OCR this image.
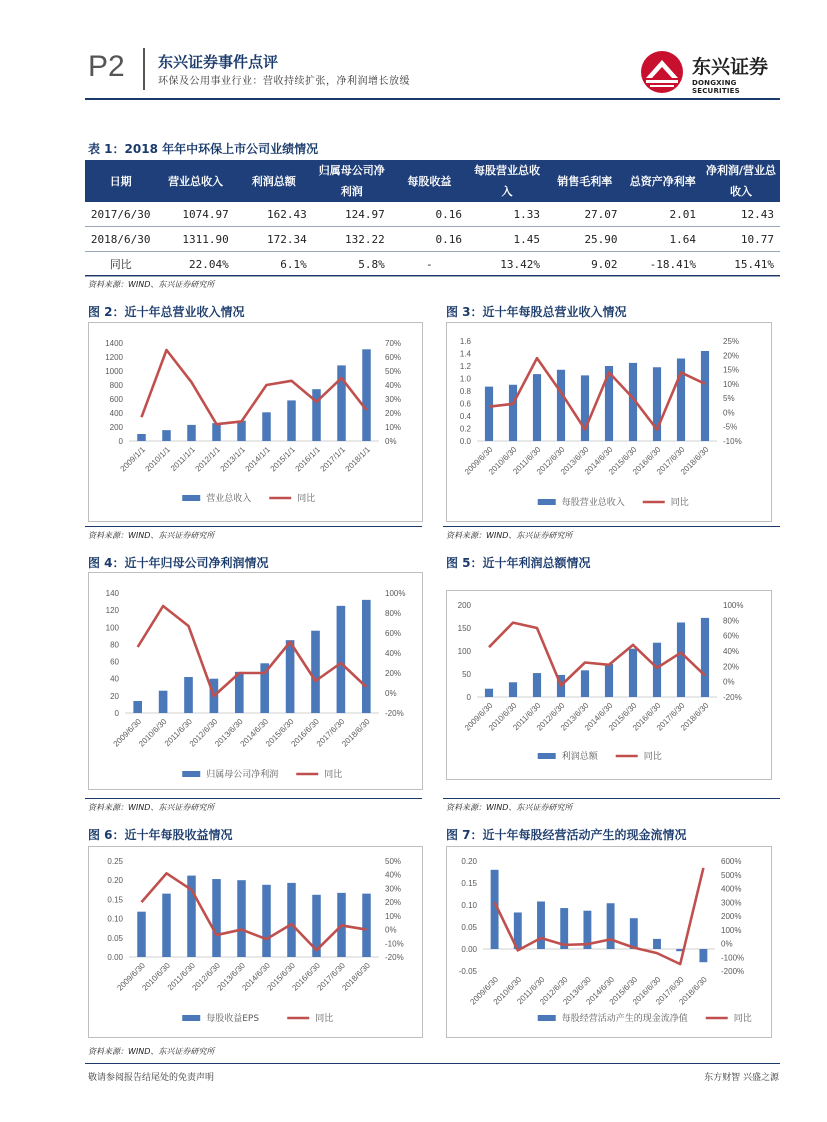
P2 东兴证券事件点评
环保及公用事业行业：营收持续扩张，净利润增长放缓
东兴证券
DONGXING SECURITIES
表 1：2018 年年中环保上市公司业绩情况
日期	营业总收入	利润总额	归属母公司净利润	每股收益	每股营业总收入	销售毛利率	总资产净利率	净利润/营业总收入
2017/6/30	1074.97	162.43	124.97	0.16	1.33	27.07	2.01	12.43
2018/6/30	1311.90	172.34	132.22	0.16	1.45	25.90	1.64	10.77
同比	22.04%	6.1%	5.8%	-	13.42%	9.02	-18.41%	15.41%
资料来源：WIND、东兴证券研究所
图 2：近十年总营业收入情况	图 3：近十年每股总营业收入情况
图 4：近十年归母公司净利润情况	图 5：近十年利润总额情况
图 6：近十年每股收益情况	图 7：近十年每股经营活动产生的现金流情况
0
200
400
600
800
1000
1200
1400
0%
10%
20%
30%
40%
50%
60%
70%
2009/1/1
2010/1/1
2011/1/1
2012/1/1
2013/1/1
2014/1/1
2015/1/1
2016/1/1
2017/1/1
2018/1/1
营业总收入	同比
0.0
0.2
0.4
0.6
0.8
1.0
1.2
1.4
1.6
-10%
-5%
0%
5%
10%
15%
20%
25%
2009/6/30
2010/6/30
2011/6/30
2012/6/30
2013/6/30
2014/6/30
2015/6/30
2016/6/30
2017/6/30
2018/6/30
每股营业总收入	同比
0
20
40
60
80
100
120
140
-20%
0%
20%
40%
60%
80%
100%
2009/6/30
2010/6/30
2011/6/30
2012/6/30
2013/6/30
2014/6/30
2015/6/30
2016/6/30
2017/6/30
2018/6/30
归属母公司净利润	同比
0
50
100
150
200
-20%
0%
20%
40%
60%
80%
100%
2009/6/30
2010/6/30
2011/6/30
2012/6/30
2013/6/30
2014/6/30
2015/6/30
2016/6/30
2017/6/30
2018/6/30
利润总额	同比
0.00
0.05
0.10
0.15
0.20
0.25
-20%
-10%
0%
10%
20%
30%
40%
50%
2009/6/30
2010/6/30
2011/6/30
2012/6/30
2013/6/30
2014/6/30
2015/6/30
2016/6/30
2017/6/30
2018/6/30
每股收益EPS	同比
-0.05
0.00
0.05
0.10
0.15
0.20
-200%
-100%
0%
100%
200%
300%
400%
500%
600%
2009/6/30
2010/6/30
2011/6/30
2012/6/30
2013/6/30
2014/6/30
2015/6/30
2016/6/30
2017/6/30
2018/6/30
每股经营活动产生的现金流净值	同比
资料来源：WIND、东兴证券研究所	资料来源：WIND、东兴证券研究所
资料来源：WIND、东兴证券研究所	资料来源：WIND、东兴证券研究所
资料来源：WIND、东兴证券研究所
敬请参阅报告结尾处的免责声明	东方财智 兴盛之源
